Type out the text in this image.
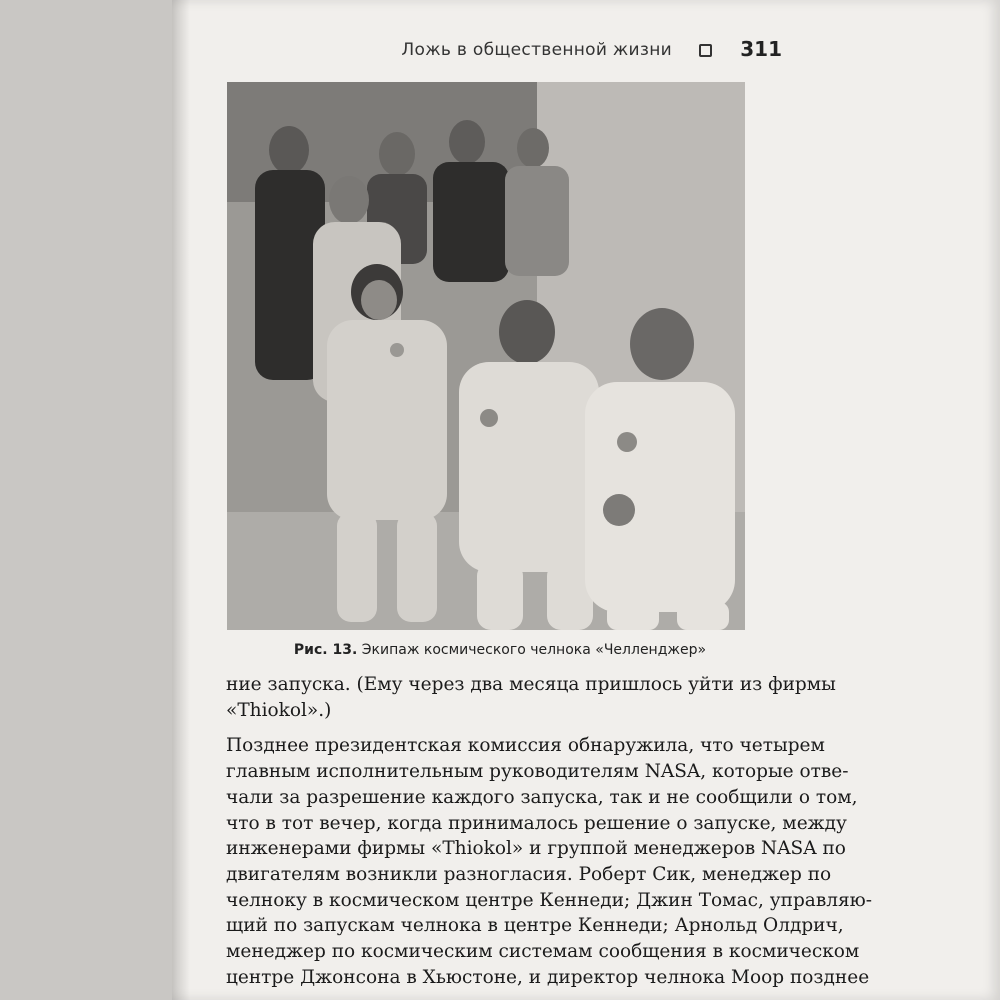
Ложь в общественной жизни	311
Рис. 13. Экипаж космического челнока «Челленджер»

ние запуска. (Ему через два месяца пришлось уйти из фирмы
«Thiokol».)

Позднее президентская комиссия обнаружила, что четырем
главным исполнительным руководителям NASA, которые отве-
чали за разрешение каждого запуска, так и не сообщили о том,
что в тот вечер, когда принималось решение о запуске, между
инженерами фирмы «Thiokol» и группой менеджеров NASA по
двигателям возникли разногласия. Роберт Сик, менеджер по
челноку в космическом центре Кеннеди; Джин Томас, управляю-
щий по запускам челнока в центре Кеннеди; Арнольд Олдрич,
менеджер по космическим системам сообщения в космическом
центре Джонсона в Хьюстоне, и директор челнока Моор позднее
